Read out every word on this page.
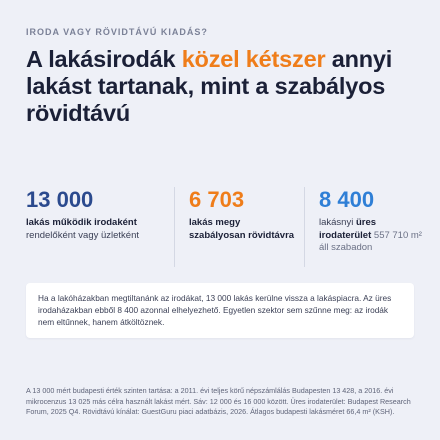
IRODA VAGY RÖVIDTÁVÚ KIADÁS?
A lakásirodák közel kétszer annyi lakást tartanak, mint a szabályos rövidtávú
13 000
lakás működik irodaként rendelőként vagy üzletként
6 703
lakás megy szabályosan rövidtávra
8 400
lakásnyi üres irodaterület 557 710 m² áll szabadon
Ha a lakóházakban megtiltanánk az irodákat, 13 000 lakás kerülne vissza a lakáspiacra. Az üres irodaházakban ebből 8 400 azonnal elhelyezhető. Egyetlen szektor sem szűnne meg: az irodák nem eltűnnek, hanem átköltöznek.
A 13 000 mért budapesti érték szinten tartása: a 2011. évi teljes körű népszámlálás Budapesten 13 428, a 2016. évi mikrocenzus 13 025 más célra használt lakást mért. Sáv: 12 000 és 16 000 között. Üres irodaterület: Budapest Research Forum, 2025 Q4. Rövidtávú kínálat: GuestGuru piaci adatbázis, 2026. Átlagos budapesti lakásméret 66,4 m² (KSH).
